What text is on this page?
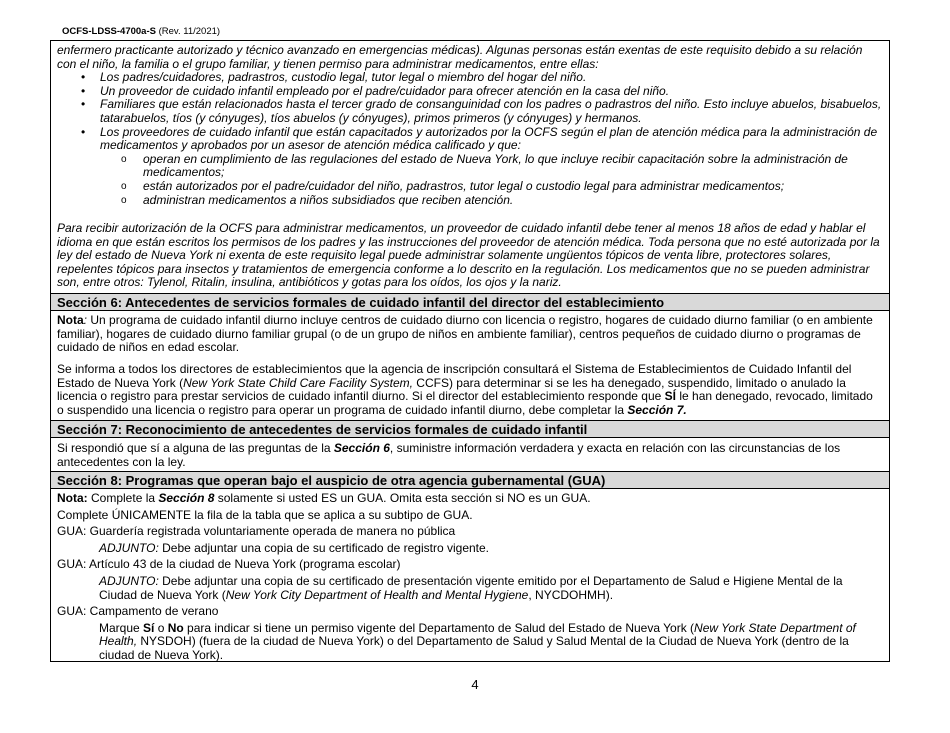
OCFS-LDSS-4700a-S (Rev. 11/2021)

enfermero practicante autorizado y técnico avanzado en emergencias médicas). Algunas personas están exentas de este requisito debido a su relación con el niño, la familia o el grupo familiar, y tienen permiso para administrar medicamentos, entre ellas:

• Los padres/cuidadores, padrastros, custodio legal, tutor legal o miembro del hogar del niño.
• Un proveedor de cuidado infantil empleado por el padre/cuidador para ofrecer atención en la casa del niño.
• Familiares que están relacionados hasta el tercer grado de consanguinidad con los padres o padrastros del niño. Esto incluye abuelos, bisabuelos, tatarabuelos, tíos (y cónyuges), tíos abuelos (y cónyuges), primos primeros (y cónyuges) y hermanos.
• Los proveedores de cuidado infantil que están capacitados y autorizados por la OCFS según el plan de atención médica para la administración de medicamentos y aprobados por un asesor de atención médica calificado y que:
o operan en cumplimiento de las regulaciones del estado de Nueva York, lo que incluye recibir capacitación sobre la administración de medicamentos;
o están autorizados por el padre/cuidador del niño, padrastros, tutor legal o custodio legal para administrar medicamentos;
o administran medicamentos a niños subsidiados que reciben atención.

Para recibir autorización de la OCFS para administrar medicamentos, un proveedor de cuidado infantil debe tener al menos 18 años de edad y hablar el idioma en que están escritos los permisos de los padres y las instrucciones del proveedor de atención médica. Toda persona que no esté autorizada por la ley del estado de Nueva York ni exenta de este requisito legal puede administrar solamente ungüentos tópicos de venta libre, protectores solares, repelentes tópicos para insectos y tratamientos de emergencia conforme a lo descrito en la regulación. Los medicamentos que no se pueden administrar son, entre otros: Tylenol, Ritalin, insulina, antibióticos y gotas para los oídos, los ojos y la nariz.

Sección 6: Antecedentes de servicios formales de cuidado infantil del director del establecimiento

Nota: Un programa de cuidado infantil diurno incluye centros de cuidado diurno con licencia o registro, hogares de cuidado diurno familiar (o en ambiente familiar), hogares de cuidado diurno familiar grupal (o de un grupo de niños en ambiente familiar), centros pequeños de cuidado diurno o programas de cuidado de niños en edad escolar.

Se informa a todos los directores de establecimientos que la agencia de inscripción consultará el Sistema de Establecimientos de Cuidado Infantil del Estado de Nueva York (New York State Child Care Facility System, CCFS) para determinar si se les ha denegado, suspendido, limitado o anulado la licencia o registro para prestar servicios de cuidado infantil diurno. Si el director del establecimiento responde que SÍ le han denegado, revocado, limitado o suspendido una licencia o registro para operar un programa de cuidado infantil diurno, debe completar la Sección 7.

Sección 7: Reconocimiento de antecedentes de servicios formales de cuidado infantil

Si respondió que sí a alguna de las preguntas de la Sección 6, suministre información verdadera y exacta en relación con las circunstancias de los antecedentes con la ley.

Sección 8: Programas que operan bajo el auspicio de otra agencia gubernamental (GUA)

Nota: Complete la Sección 8 solamente si usted ES un GUA. Omita esta sección si NO es un GUA.

Complete ÚNICAMENTE la fila de la tabla que se aplica a su subtipo de GUA.

GUA: Guardería registrada voluntariamente operada de manera no pública

ADJUNTO: Debe adjuntar una copia de su certificado de registro vigente.

GUA: Artículo 43 de la ciudad de Nueva York (programa escolar)

ADJUNTO: Debe adjuntar una copia de su certificado de presentación vigente emitido por el Departamento de Salud e Higiene Mental de la Ciudad de Nueva York (New York City Department of Health and Mental Hygiene, NYCDOHMH).

GUA: Campamento de verano

Marque Sí o No para indicar si tiene un permiso vigente del Departamento de Salud del Estado de Nueva York (New York State Department of Health, NYSDOH) (fuera de la ciudad de Nueva York) o del Departamento de Salud y Salud Mental de la Ciudad de Nueva York (dentro de la ciudad de Nueva York).

4
